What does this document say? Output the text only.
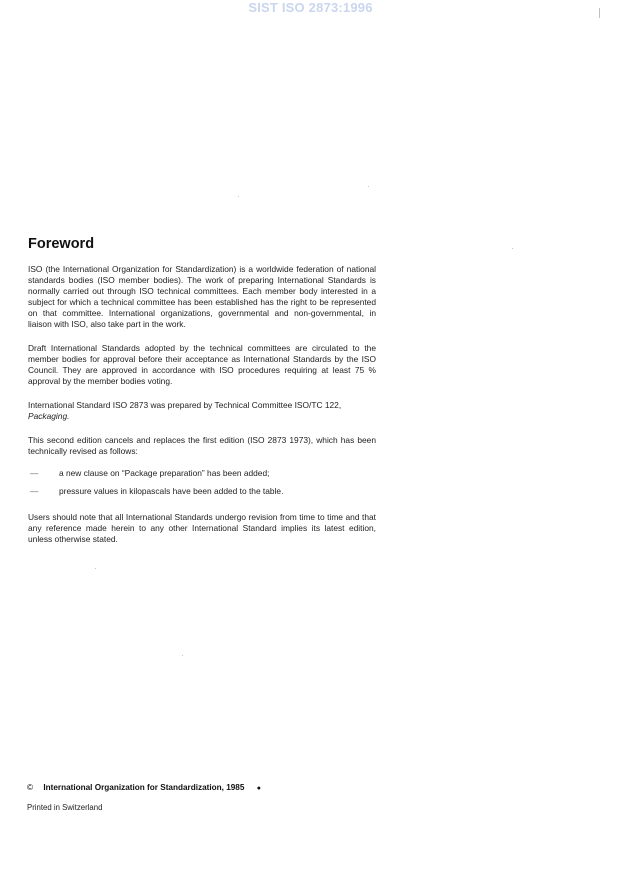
SIST ISO 2873:1996
Foreword

ISO (the International Organization for Standardization) is a worldwide federation of national standards bodies (ISO member bodies). The work of preparing International Standards is normally carried out through ISO technical committees. Each member body interested in a subject for which a technical committee has been established has the right to be represented on that committee. International organizations, governmental and non-governmental, in liaison with ISO, also take part in the work.

Draft International Standards adopted by the technical committees are circulated to the member bodies for approval before their acceptance as International Standards by the ISO Council. They are approved in accordance with ISO procedures requiring at least 75 % approval by the member bodies voting.

International Standard ISO 2873 was prepared by Technical Committee ISO/TC 122,
Packaging.

This second edition cancels and replaces the first edition (ISO 2873 1973), which has been technically revised as follows:

— a new clause on “Package preparation” has been added;
— pressure values in kilopascals have been added to the table.

Users should note that all International Standards undergo revision from time to time and that any reference made herein to any other International Standard implies its latest edition, unless otherwise stated.

© International Organization for Standardization, 1985 ●
Printed in Switzerland
